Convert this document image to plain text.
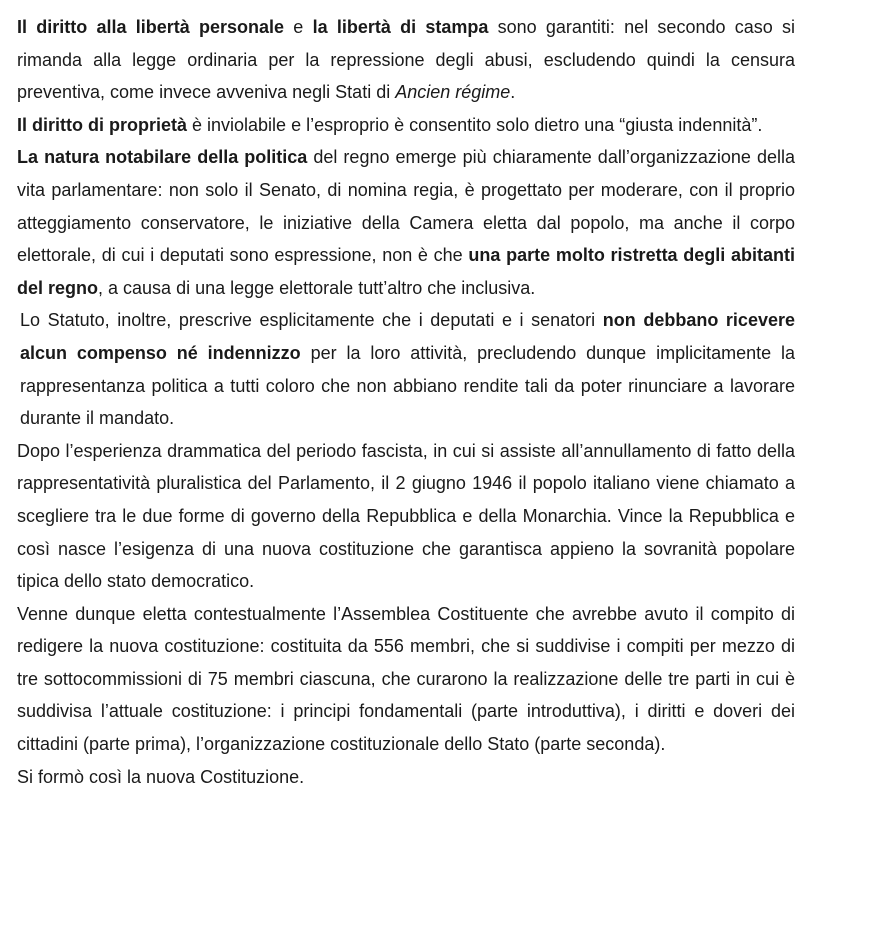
Il diritto alla libertà personale e la libertà di stampa sono garantiti: nel secondo caso si rimanda alla legge ordinaria per la repressione degli abusi, escludendo quindi la censura preventiva, come invece avveniva negli Stati di Ancien régime.

Il diritto di proprietà è inviolabile e l’esproprio è consentito solo dietro una “giusta indennità”.

La natura notabilare della politica del regno emerge più chiaramente dall’organizzazione della vita parlamentare: non solo il Senato, di nomina regia, è progettato per moderare, con il proprio atteggiamento conservatore, le iniziative della Camera eletta dal popolo, ma anche il corpo elettorale, di cui i deputati sono espressione, non è che una parte molto ristretta degli abitanti del regno, a causa di una legge elettorale tutt’altro che inclusiva.

Lo Statuto, inoltre, prescrive esplicitamente che i deputati e i senatori non debbano ricevere alcun compenso né indennizzo per la loro attività, precludendo dunque implicitamente la rappresentanza politica a tutti coloro che non abbiano rendite tali da poter rinunciare a lavorare durante il mandato.

Dopo l’esperienza drammatica del periodo fascista, in cui si assiste all’annullamento di fatto della rappresentatività pluralistica del Parlamento, il 2 giugno 1946 il popolo italiano viene chiamato a scegliere tra le due forme di governo della Repubblica e della Monarchia. Vince la Repubblica e così nasce l’esigenza di una nuova costituzione che garantisca appieno la sovranità popolare tipica dello stato democratico.

Venne dunque eletta contestualmente l’Assemblea Costituente che avrebbe avuto il compito di redigere la nuova costituzione: costituita da 556 membri, che si suddivise i compiti per mezzo di tre sottocommissioni di 75 membri ciascuna, che curarono la realizzazione delle tre parti in cui è suddivisa l’attuale costituzione: i principi fondamentali (parte introduttiva), i diritti e doveri dei cittadini (parte prima), l’organizzazione costituzionale dello Stato (parte seconda).

Si formò così la nuova Costituzione.
